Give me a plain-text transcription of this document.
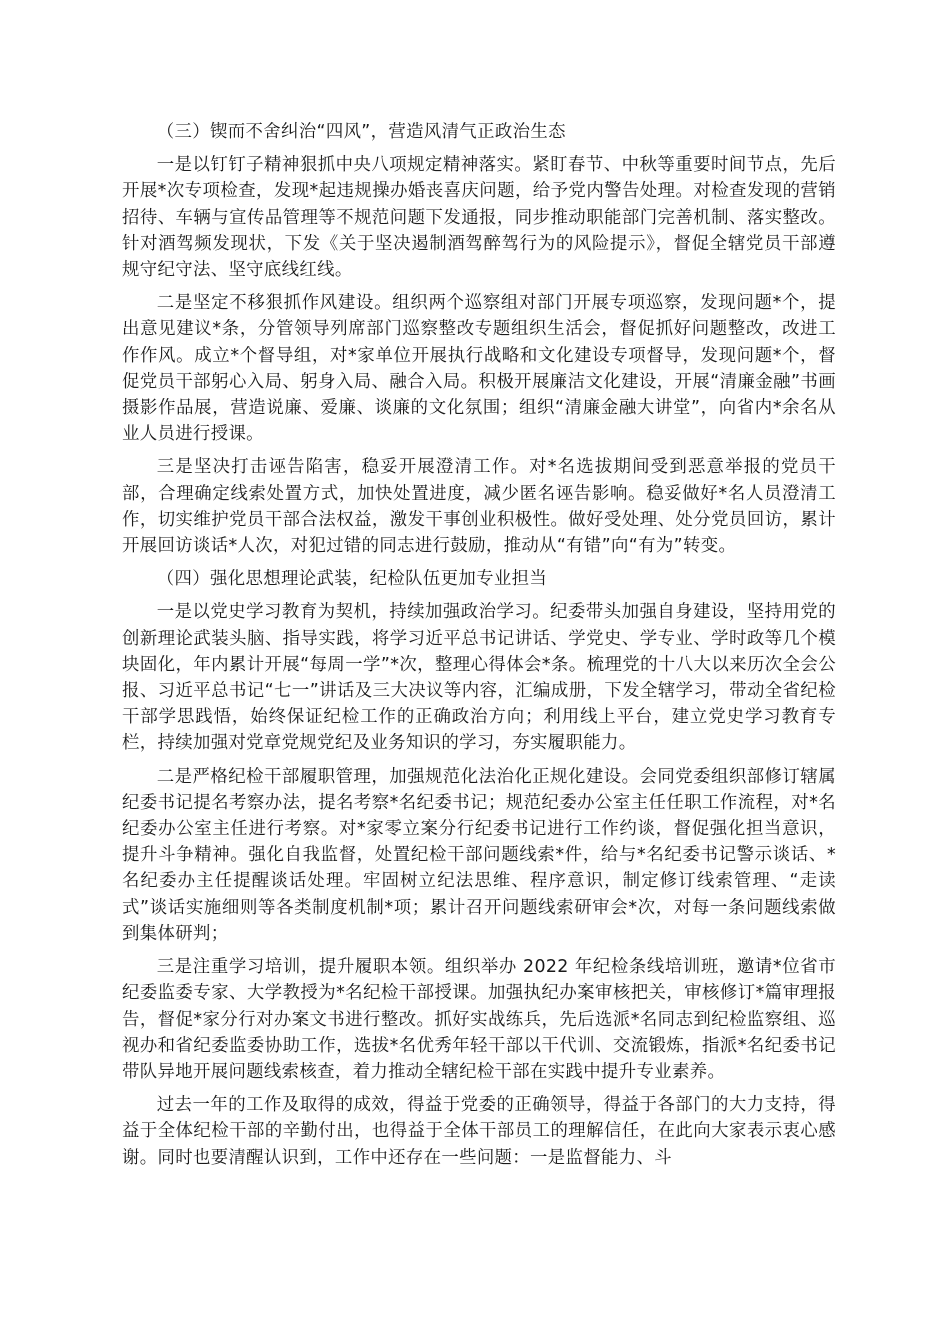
（三）锲而不舍纠治“四风”，营造风清气正政治生态

一是以钉钉子精神狠抓中央八项规定精神落实。紧盯春节、中秋等重要时间节点，先后开展*次专项检查，发现*起违规操办婚丧喜庆问题，给予党内警告处理。对检查发现的营销招待、车辆与宣传品管理等不规范问题下发通报，同步推动职能部门完善机制、落实整改。针对酒驾频发现状，下发《关于坚决遏制酒驾醉驾行为的风险提示》，督促全辖党员干部遵规守纪守法、坚守底线红线。

二是坚定不移狠抓作风建设。组织两个巡察组对部门开展专项巡察，发现问题*个，提出意见建议*条，分管领导列席部门巡察整改专题组织生活会，督促抓好问题整改，改进工作作风。成立*个督导组，对*家单位开展执行战略和文化建设专项督导，发现问题*个，督促党员干部躬心入局、躬身入局、融合入局。积极开展廉洁文化建设，开展“清廉金融”书画摄影作品展，营造说廉、爱廉、谈廉的文化氛围；组织“清廉金融大讲堂”，向省内*余名从业人员进行授课。

三是坚决打击诬告陷害，稳妥开展澄清工作。对*名选拔期间受到恶意举报的党员干部，合理确定线索处置方式，加快处置进度，减少匿名诬告影响。稳妥做好*名人员澄清工作，切实维护党员干部合法权益，激发干事创业积极性。做好受处理、处分党员回访，累计开展回访谈话*人次，对犯过错的同志进行鼓励，推动从“有错”向“有为”转变。

（四）强化思想理论武装，纪检队伍更加专业担当

一是以党史学习教育为契机，持续加强政治学习。纪委带头加强自身建设，坚持用党的创新理论武装头脑、指导实践，将学习近平总书记讲话、学党史、学专业、学时政等几个模块固化，年内累计开展“每周一学”*次，整理心得体会*条。梳理党的十八大以来历次全会公报、习近平总书记“七一”讲话及三大决议等内容，汇编成册，下发全辖学习，带动全省纪检干部学思践悟，始终保证纪检工作的正确政治方向；利用线上平台，建立党史学习教育专栏，持续加强对党章党规党纪及业务知识的学习，夯实履职能力。

二是严格纪检干部履职管理，加强规范化法治化正规化建设。会同党委组织部修订辖属纪委书记提名考察办法，提名考察*名纪委书记；规范纪委办公室主任任职工作流程，对*名纪委办公室主任进行考察。对*家零立案分行纪委书记进行工作约谈，督促强化担当意识，提升斗争精神。强化自我监督，处置纪检干部问题线索*件，给与*名纪委书记警示谈话、*名纪委办主任提醒谈话处理。牢固树立纪法思维、程序意识，制定修订线索管理、“走读式”谈话实施细则等各类制度机制*项；累计召开问题线索研审会*次，对每一条问题线索做到集体研判；

三是注重学习培训，提升履职本领。组织举办 2022 年纪检条线培训班，邀请*位省市纪委监委专家、大学教授为*名纪检干部授课。加强执纪办案审核把关，审核修订*篇审理报告，督促*家分行对办案文书进行整改。抓好实战练兵，先后选派*名同志到纪检监察组、巡视办和省纪委监委协助工作，选拔*名优秀年轻干部以干代训、交流锻炼，指派*名纪委书记带队异地开展问题线索核查，着力推动全辖纪检干部在实践中提升专业素养。

过去一年的工作及取得的成效，得益于党委的正确领导，得益于各部门的大力支持，得益于全体纪检干部的辛勤付出，也得益于全体干部员工的理解信任，在此向大家表示衷心感谢。同时也要清醒认识到，工作中还存在一些问题：一是监督能力、斗
